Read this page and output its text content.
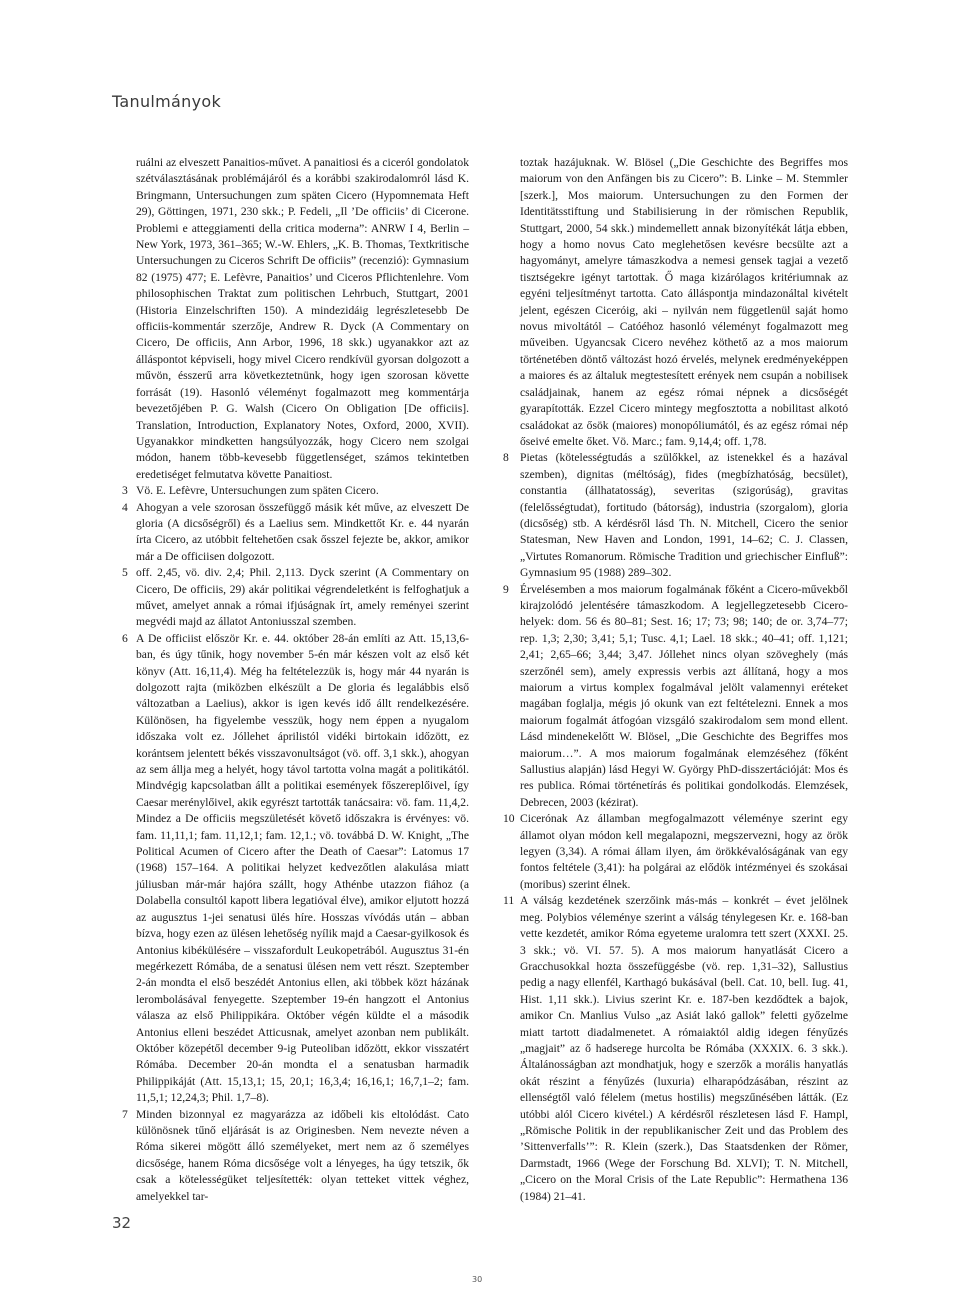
Tanulmányok

ruálni az elveszett Panaitios-művet. A panaitiosi és a ciceról gondolatok szétválasztásának problémájáról és a korábbi szakirodalomról lásd K. Bringmann, Untersuchungen zum späten Cicero (Hypomnemata Heft 29), Göttingen, 1971, 230 skk.; P. Fedeli, „Il ’De officiis’ di Cicerone. Problemi e atteggiamenti della critica moderna”: ANRW I 4, Berlin – New York, 1973, 361–365; W.-W. Ehlers, „K. B. Thomas, Textkritische Untersuchungen zu Ciceros Schrift De officiis” (recenzió): Gymnasium 82 (1975) 477; E. Lefèvre, Panaitios’ und Ciceros Pflichtenlehre. Vom philosophischen Traktat zum politischen Lehrbuch, Stuttgart, 2001 (Historia Einzelschriften 150). A mindezidáig legrészletesebb De officiis-kommentár szerzője, Andrew R. Dyck (A Commentary on Cicero, De officiis, Ann Arbor, 1996, 18 skk.) ugyanakkor azt az álláspontot képviseli, hogy mivel Cicero rendkívül gyorsan dolgozott a művön, ésszerű arra következtetnünk, hogy igen szorosan követte forrását (19). Hasonló véleményt fogalmazott meg kommentárja bevezetőjében P. G. Walsh (Cicero On Obligation [De officiis]. Translation, Introduction, Explanatory Notes, Oxford, 2000, XVII). Ugyanakkor mindketten hangsúlyozzák, hogy Cicero nem szolgai módon, hanem több-kevesebb függetlenséget, számos tekintetben eredetiséget felmutatva követte Panaitiost.

3 Vö. E. Lefèvre, Untersuchungen zum späten Cicero.

4 Ahogyan a vele szorosan összefüggő másik két műve, az elveszett De gloria (A dicsőségről) és a Laelius sem. Mindkettőt Kr. e. 44 nyarán írta Cicero, az utóbbit feltehetően csak ősszel fejezte be, akkor, amikor már a De officiisen dolgozott.

5 off. 2,45, vö. div. 2,4; Phil. 2,113. Dyck szerint (A Commentary on Cicero, De officiis, 29) akár politikai végrendeletként is felfoghatjuk a művet, amelyet annak a római ifjúságnak írt, amely reményei szerint megvédi majd az állatot Antoniusszal szemben.

6 A De officiist először Kr. e. 44. október 28-án említi az Att. 15,13,6-ban, és úgy tűnik, hogy november 5-én már készen volt az első két könyv (Att. 16,11,4). Még ha feltételezzük is, hogy már 44 nyarán is dolgozott rajta (miközben elkészült a De gloria és legalábbis első változatban a Laelius), akkor is igen kevés idő állt rendelkezésére. Különösen, ha figyelembe vesszük, hogy nem éppen a nyugalom időszaka volt ez. Jóllehet áprilistól vidéki birtokain időzött, ez korántsem jelentett békés visszavonultságot (vö. off. 3,1 skk.), ahogyan az sem állja meg a helyét, hogy távol tartotta volna magát a politikától. Mindvégig kapcsolatban állt a politikai események főszereplőivel, így Caesar merénylőivel, akik egyrészt tartották tanácsaira: vö. fam. 11,4,2. Mindez a De officiis megszületését követő időszakra is érvényes: vö. fam. 11,11,1; fam. 11,12,1; fam. 12,1.; vö. továbbá D. W. Knight, „The Political Acumen of Cicero after the Death of Caesar”: Latomus 17 (1968) 157–164. A politikai helyzet kedvezőtlen alakulása miatt júliusban már-már hajóra szállt, hogy Athénbe utazzon fiához (a Dolabella consultól kapott libera legatióval élve), amikor eljutott hozzá az augusztus 1-jei senatusi ülés híre. Hosszas vívódás után – abban bízva, hogy ezen az ülésen lehetőség nyílik majd a Caesar-gyilkosok és Antonius kibékülésére – visszafordult Leukopetrából. Augusztus 31-én megérkezett Rómába, de a senatusi ülésen nem vett részt. Szeptember 2-án mondta el első beszédét Antonius ellen, aki többek közt házának lerombolásával fenyegette. Szeptember 19-én hangzott el Antonius válasza az első Philippikára. Október végén küldte el a második Antonius elleni beszédet Atticusnak, amelyet azonban nem publikált. Október közepétől december 9-ig Puteoliban időzött, ekkor visszatért Rómába. December 20-án mondta el a senatusban harmadik Philippikáját (Att. 15,13,1; 15, 20,1; 16,3,4; 16,16,1; 16,7,1–2; fam. 11,5,1; 12,24,3; Phil. 1,7–8).

7 Minden bizonnyal ez magyarázza az időbeli kis eltolódást. Cato különösnek tűnő eljárását is az Originesben. Nem nevezte néven a Róma sikerei mögött álló személyeket, mert nem az ő személyes dicsősége, hanem Róma dicsősége volt a lényeges, ha úgy tetszik, ők csak a kötelességüket teljesítették: olyan tetteket vittek véghez, amelyekkel tar-

toztak hazájuknak. W. Blösel („Die Geschichte des Begriffes mos maiorum von den Anfängen bis zu Cicero”: B. Linke – M. Stemmler [szerk.], Mos maiorum. Untersuchungen zu den Formen der Identitätsstiftung und Stabilisierung in der römischen Republik, Stuttgart, 2000, 54 skk.) mindemellett annak bizonyítékát látja ebben, hogy a homo novus Cato meglehetősen kevésre becsülte azt a hagyományt, amelyre támaszkodva a nemesi gensek tagjai a vezető tisztségekre igényt tartottak. Ő maga kizárólagos kritériumnak az egyéni teljesítményt tartotta. Cato álláspontja mindazonáltal kivételt jelent, egészen Ciceróig, aki – nyilván nem függetlenül saját homo novus mivoltától – Catóéhoz hasonló véleményt fogalmazott meg műveiben. Ugyancsak Cicero nevéhez köthető az a mos maiorum történetében döntő változást hozó érvelés, melynek eredményeképpen a maiores és az általuk megtestesített erények nem csupán a nobilisek családjainak, hanem az egész római népnek a dicsőségét gyarapították. Ezzel Cicero mintegy megfosztotta a nobilitast alkotó családokat az ősök (maiores) monopóliumától, és az egész római nép őseivé emelte őket. Vö. Marc.; fam. 9,14,4; off. 1,78.

8 Pietas (kötelességtudás a szülőkkel, az istenekkel és a hazával szemben), dignitas (méltóság), fides (megbízhatóság, becsület), constantia (állhatatosság), severitas (szigorúság), gravitas (felelősségtudat), fortitudo (bátorság), industria (szorgalom), gloria (dicsőség) stb. A kérdésről lásd Th. N. Mitchell, Cicero the senior Statesman, New Haven and London, 1991, 14–62; C. J. Classen, „Virtutes Romanorum. Römische Tradition und griechischer Einfluß”: Gymnasium 95 (1988) 289–302.

9 Érvelésemben a mos maiorum fogalmának főként a Cicero-művekből kirajzolódó jelentésére támaszkodom. A legjellegzetesebb Cicero-helyek: dom. 56 és 80–81; Sest. 16; 17; 73; 98; 140; de or. 3,74–77; rep. 1,3; 2,30; 3,41; 5,1; Tusc. 4,1; Lael. 18 skk.; 40–41; off. 1,121; 2,41; 2,65–66; 3,44; 3,47. Jóllehet nincs olyan szöveghely (más szerzőnél sem), amely expressis verbis azt állítaná, hogy a mos maiorum a virtus komplex fogalmával jelölt valamennyi eréteket magában foglalja, mégis jó okunk van ezt feltételezni. Ennek a mos maiorum fogalmát átfogóan vizsgáló szakirodalom sem mond ellent. Lásd mindenekelőtt W. Blösel, „Die Geschichte des Begriffes mos maiorum…”. A mos maiorum fogalmának elemzéséhez (főként Sallustius alapján) lásd Hegyi W. György PhD-disszertációját: Mos és res publica. Római történetírás és politikai gondolkodás. Elemzések, Debrecen, 2003 (kézirat).

10 Cicerónak Az államban megfogalmazott véleménye szerint egy államot olyan módon kell megalapozni, megszervezni, hogy az örök legyen (3,34). A római állam ilyen, ám örökkévalóságának van egy fontos feltétele (3,41): ha polgárai az elődök intézményei és szokásai (moribus) szerint élnek.

11 A válság kezdetének szerzőink más-más – konkrét – évet jelölnek meg. Polybios véleménye szerint a válság ténylegesen Kr. e. 168-ban vette kezdetét, amikor Róma egyeteme uralomra tett szert (XXXI. 25. 3 skk.; vö. VI. 57. 5). A mos maiorum hanyatlását Cicero a Gracchusokkal hozta összefüggésbe (vö. rep. 1,31–32), Sallustius pedig a nagy ellenfél, Karthagó bukásával (bell. Cat. 10, bell. Iug. 41, Hist. 1,11 skk.). Livius szerint Kr. e. 187-ben kezdődtek a bajok, amikor Cn. Manlius Vulso „az Asiát lakó gallok” feletti győzelme miatt tartott diadalmenetet. A rómaiaktól aldig idegen fényűzés „magjait” az ő hadserege hurcolta be Rómába (XXXIX. 6. 3 skk.). Általánosságban azt mondhatjuk, hogy e szerzők a morális hanyatlás okát részint a fényűzés (luxuria) elharapódzásában, részint az ellenségtől való félelem (metus hostilis) megszűnésében látták. (Ez utóbbi alól Cicero kivétel.) A kérdésről részletesen lásd F. Hampl, „Römische Politik in der republikanischer Zeit und das Problem des ’Sittenverfalls’”: R. Klein (szerk.), Das Staatsdenken der Römer, Darmstadt, 1966 (Wege der Forschung Bd. XLVI); T. N. Mitchell, „Cicero on the Moral Crisis of the Late Republic”: Hermathena 136 (1984) 21–41.

32
30
